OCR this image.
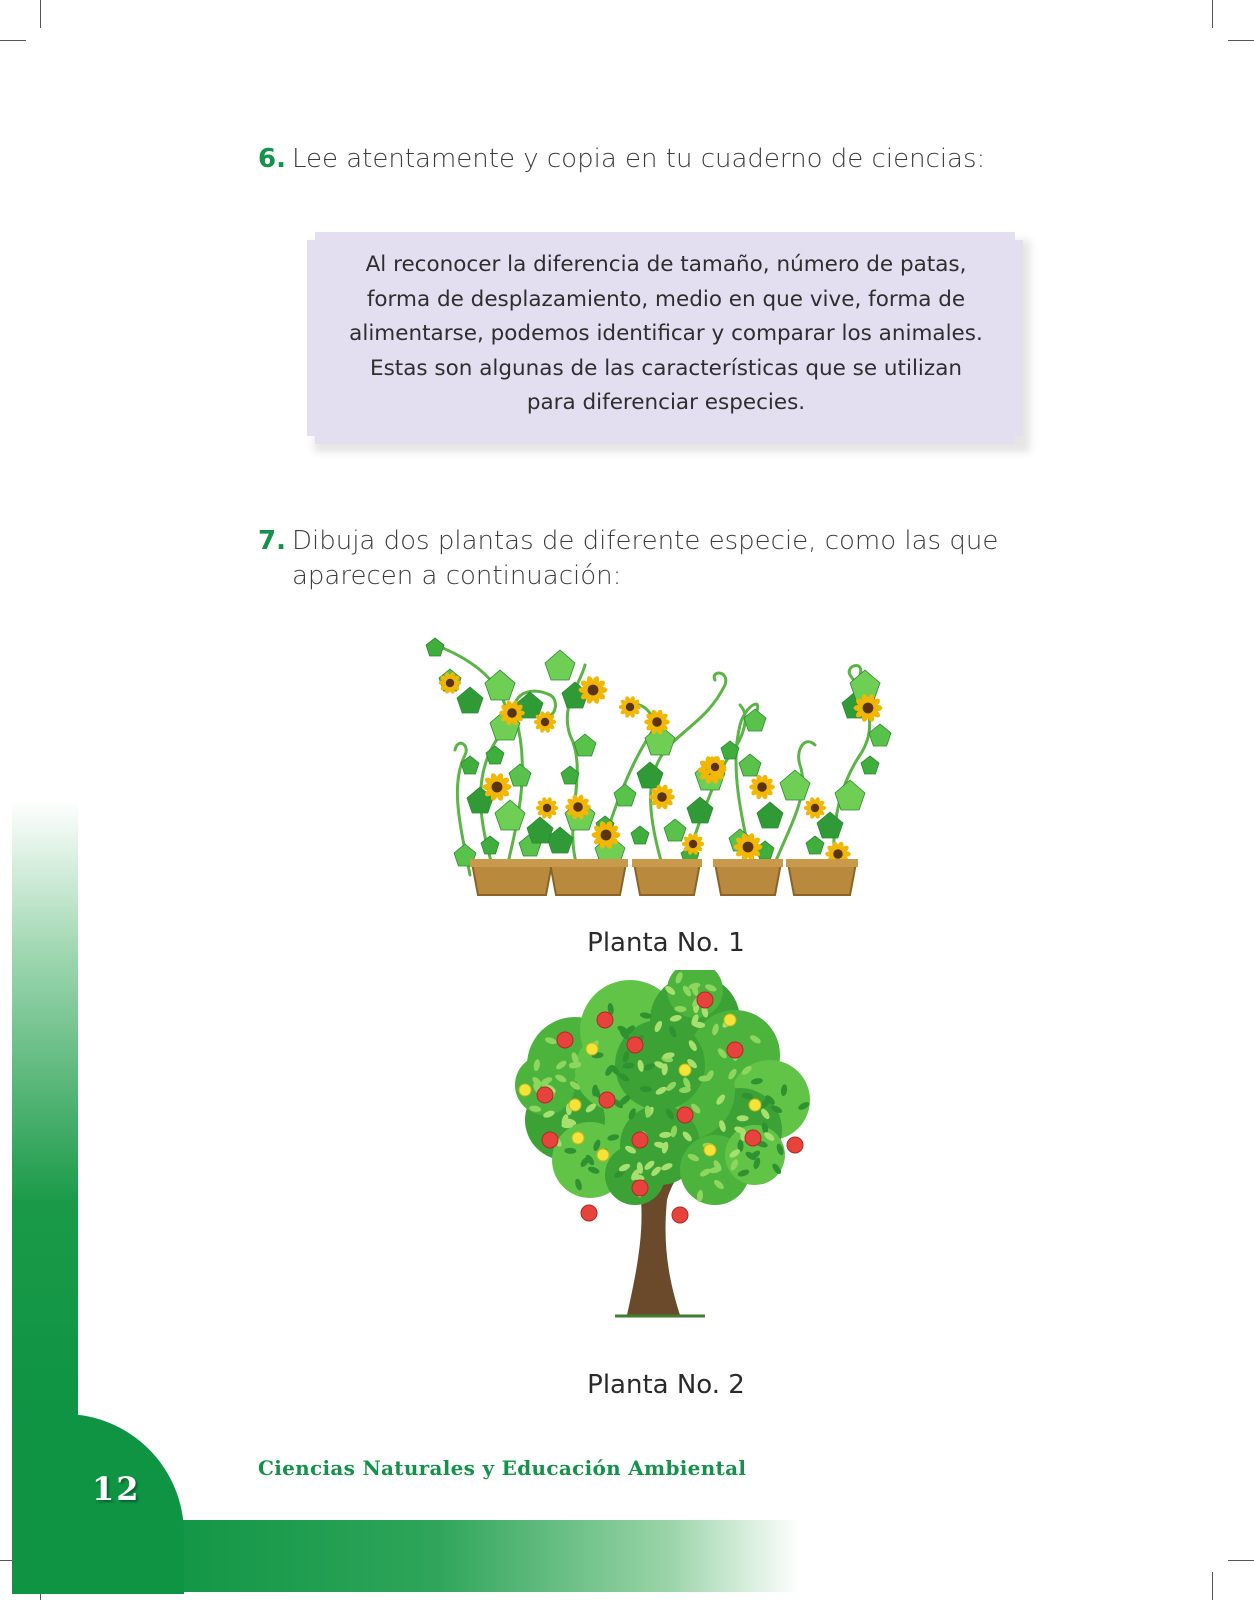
6. Lee atentamente y copia en tu cuaderno de ciencias:
Al reconocer la diferencia de tamaño, número de patas,
forma de desplazamiento, medio en que vive, forma de
alimentarse, podemos identificar y comparar los animales.
Estas son algunas de las características que se utilizan
para diferenciar especies.
7. Dibuja dos plantas de diferente especie, como las que aparecen a continuación:
Planta No. 1
Planta No. 2
12
Ciencias Naturales y Educación Ambiental
